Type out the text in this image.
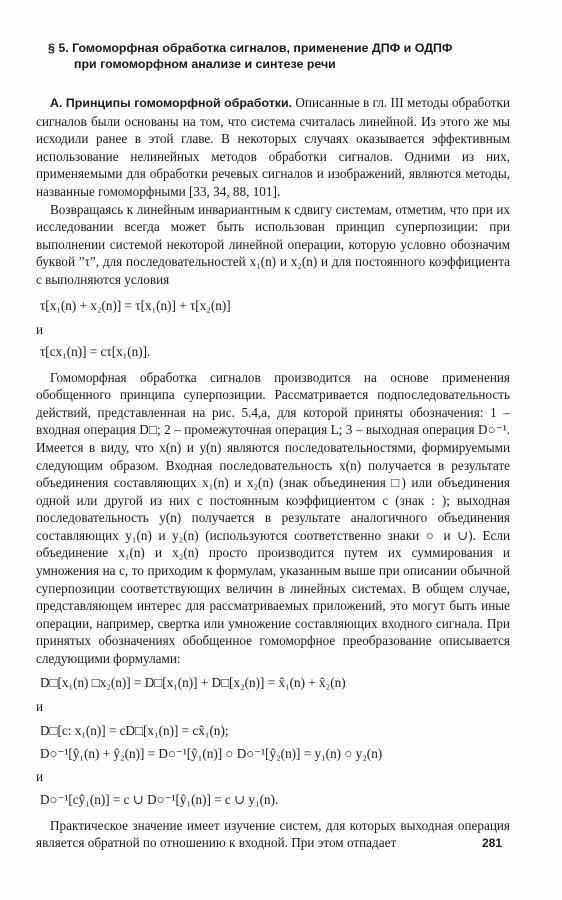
§ 5. Гомоморфная обработка сигналов, применение ДПФ и ОДПФ
при гомоморфном анализе и синтезе речи

А. Принципы гомоморфной обработки. Описанные в гл. III методы обработки сигналов были основаны на том, что система считалась линейной. Из этого же мы исходили ранее в этой главе. В некоторых случаях оказывается эффективным использование нелинейных методов обработки сигналов. Одними из них, применяемыми для обработки речевых сигналов и изображений, являются методы, названные гомоморфными [33, 34, 88, 101].

Возвращаясь к линейным инвариантным к сдвигу системам, отметим, что при их исследовании всегда может быть использован принцип суперпозиции: при выполнении системой некоторой линейной операции, которую условно обозначим буквой ”τ”, для последовательностей x₁(n) и x₂(n) и для постоянного коэффициента c выполняются условия

τ[x₁(n) + x₂(n)] = τ[x₁(n)] + τ[x₂(n)]
и
τ[cx₁(n)] = cτ[x₁(n)].

Гомоморфная обработка сигналов производится на основе применения обобщенного принципа суперпозиции. Рассматривается подпоследовательность действий, представленная на рис. 5.4,а, для которой приняты обозначения: 1 – входная операция D□; 2 – промежуточная операция L; 3 – выходная операция D○⁻¹. Имеется в виду, что x(n) и y(n) являются последовательностями, формируемыми следующим образом. Входная последовательность x(n) получается в результате объединения составляющих x₁(n) и x₂(n) (знак объединения □) или объединения одной или другой из них с постоянным коэффициентом c (знак : ); выходная последовательность y(n) получается в результате аналогичного объединения составляющих y₁(n) и y₂(n) (используются соответственно знаки ○ и ∪). Если объединение x₁(n) и x₂(n) просто производится путем их суммирования и умножения на c, то приходим к формулам, указанным выше при описании обычной суперпозиции соответствующих величин в линейных системах. В общем случае, представляющем интерес для рассматриваемых приложений, это могут быть иные операции, например, свертка или умножение составляющих входного сигнала. При принятых обозначениях обобщенное гомоморфное преобразование описывается следующими формулами:

D□[x₁(n) □x₂(n)] = D□[x₁(n)] + D□[x₂(n)] = x̂₁(n) + x̂₂(n)
и
D□[c: x₁(n)] = cD□[x₁(n)] = cx̂₁(n);
D○⁻¹[ŷ₁(n) + ŷ₂(n)] = D○⁻¹[ŷ₁(n)] ○ D○⁻¹[ŷ₂(n)] = y₁(n) ○ y₂(n)
и
D○⁻¹[cŷ₁(n)] = c ∪ D○⁻¹[ŷ₁(n)] = c ∪ y₁(n).

Практическое значение имеет изучение систем, для которых выходная операция является обратной по отношению к входной. При этом отпадает	281
